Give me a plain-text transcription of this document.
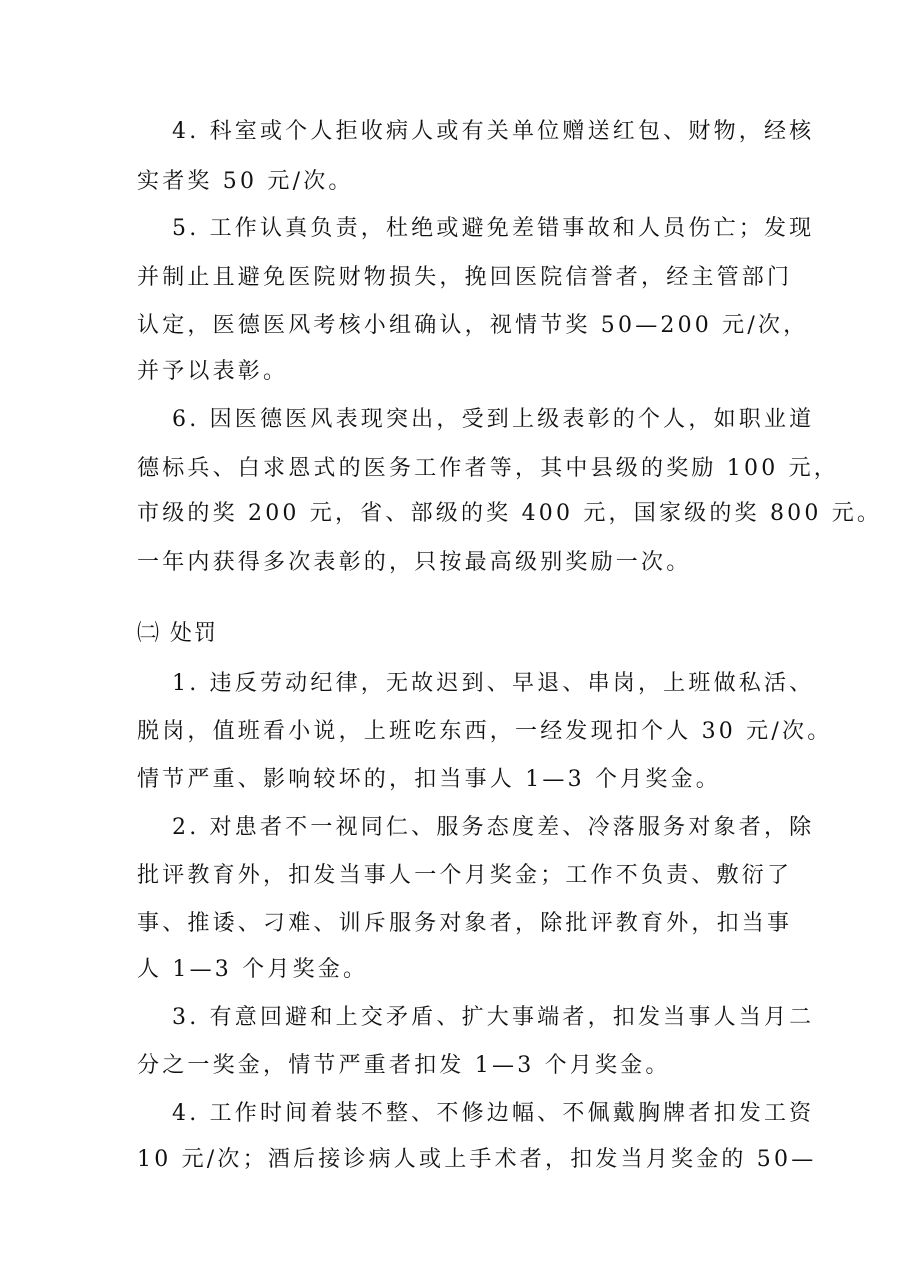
4. 科室或个人拒收病人或有关单位赠送红包、财物，经核
实者奖 50 元/次。
5. 工作认真负责，杜绝或避免差错事故和人员伤亡；发现
并制止且避免医院财物损失，挽回医院信誉者，经主管部门
认定，医德医风考核小组确认，视情节奖 50—200 元/次，
并予以表彰。
6. 因医德医风表现突出，受到上级表彰的个人，如职业道
德标兵、白求恩式的医务工作者等，其中县级的奖励 100 元，
市级的奖 200 元，省、部级的奖 400 元，国家级的奖 800 元。
一年内获得多次表彰的，只按最高级别奖励一次。
㈡ 处罚
1. 违反劳动纪律，无故迟到、早退、串岗，上班做私活、
脱岗，值班看小说，上班吃东西，一经发现扣个人 30 元/次。
情节严重、影响较坏的，扣当事人 1—3 个月奖金。
2. 对患者不一视同仁、服务态度差、冷落服务对象者，除
批评教育外，扣发当事人一个月奖金；工作不负责、敷衍了
事、推诿、刁难、训斥服务对象者，除批评教育外，扣当事
人 1—3 个月奖金。
3. 有意回避和上交矛盾、扩大事端者，扣发当事人当月二
分之一奖金，情节严重者扣发 1—3 个月奖金。
4. 工作时间着装不整、不修边幅、不佩戴胸牌者扣发工资
10 元/次；酒后接诊病人或上手术者，扣发当月奖金的 50—
